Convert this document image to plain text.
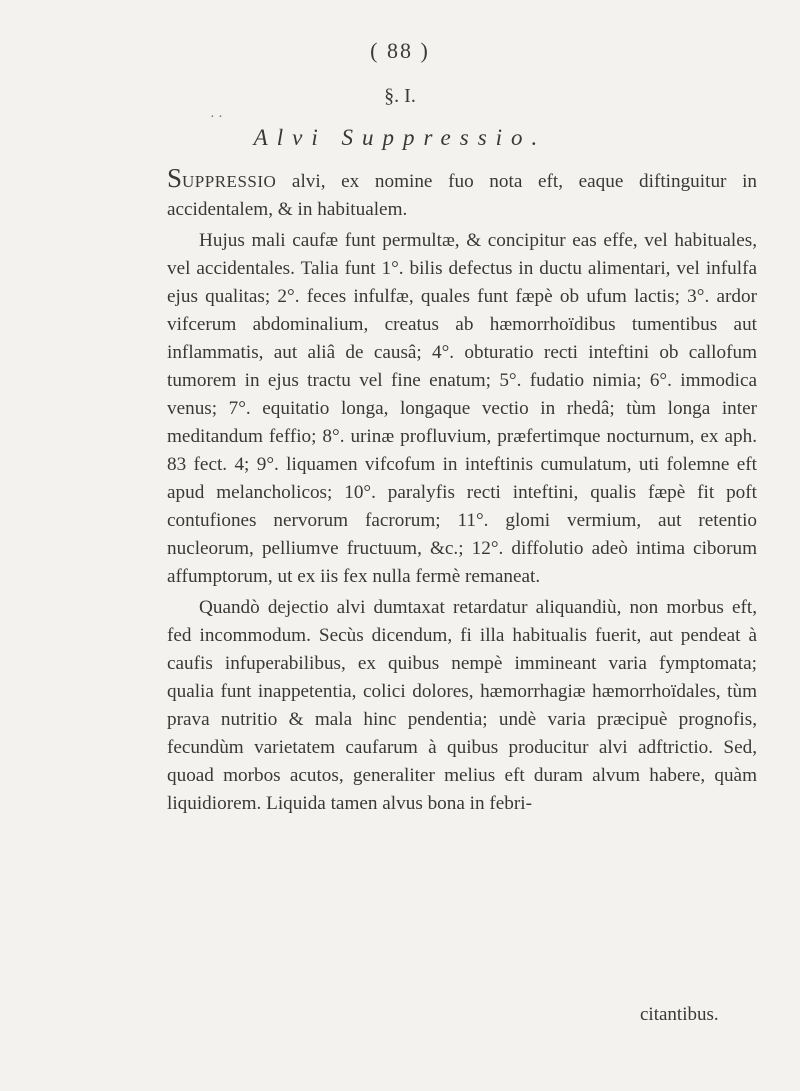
( 88 )
§. I.
· ·
Alvi Suppressio.

SUPPRESSIO alvi, ex nomine fuo nota eft, eaque diftinguitur in accidentalem, & in habitualem.

Hujus mali caufæ funt permultæ, & concipitur eas effe, vel habituales, vel accidentales. Talia funt 1°. bilis defectus in ductu alimentari, vel infulfa ejus qualitas; 2°. feces infulfæ, quales funt fæpè ob ufum lactis; 3°. ardor vifcerum abdominalium, creatus ab hæmorrhoïdibus tumentibus aut inflammatis, aut aliâ de causâ; 4°. obturatio recti inteftini ob callofum tumorem in ejus tractu vel fine enatum; 5°. fudatio nimia; 6°. immodica venus; 7°. equitatio longa, longaque vectio in rhedâ; tùm longa inter meditandum feffio; 8°. urinæ profluvium, præfertimque nocturnum, ex aph. 83 fect. 4; 9°. liquamen vifcofum in inteftinis cumulatum, uti folemne eft apud melancholicos; 10°. paralyfis recti inteftini, qualis fæpè fit poft contufiones nervorum facrorum; 11°. glomi vermium, aut retentio nucleorum, pelliumve fructuum, &c.; 12°. diffolutio adeò intima ciborum affumptorum, ut ex iis fex nulla fermè remaneat.

Quandò dejectio alvi dumtaxat retardatur aliquandiù, non morbus eft, fed incommodum. Secùs dicendum, fi illa habitualis fuerit, aut pendeat à caufis infuperabilibus, ex quibus nempè immineant varia fymptomata; qualia funt inappetentia, colici dolores, hæmorrhagiæ hæmorrhoïdales, tùm prava nutritio & mala hinc pendentia; undè varia præcipuè prognofis, fecundùm varietatem caufarum à quibus producitur alvi adftrictio. Sed, quoad morbos acutos, generaliter melius eft duram alvum habere, quàm liquidiorem. Liquida tamen alvus bona in febri-

citantibus.
